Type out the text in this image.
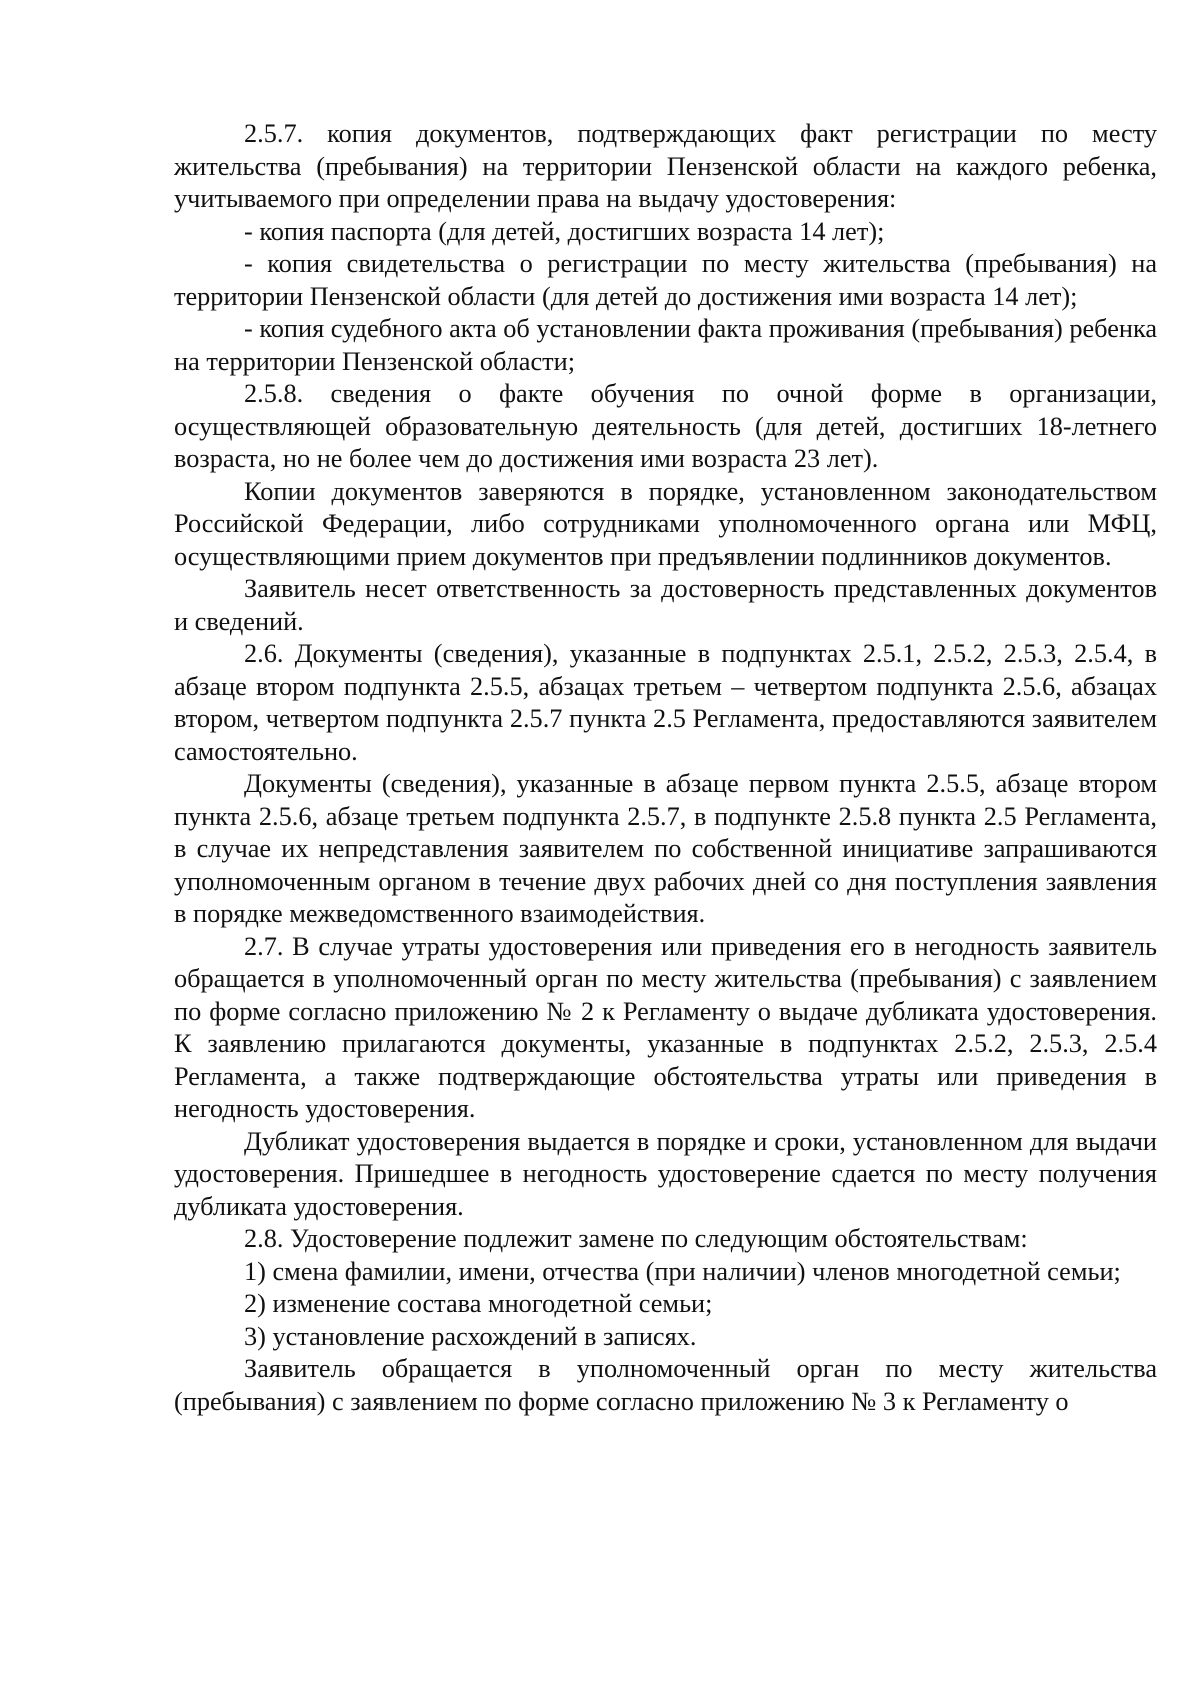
2.5.7. копия документов, подтверждающих факт регистрации по месту жительства (пребывания) на территории Пензенской области на каждого ребенка, учитываемого при определении права на выдачу удостоверения:

- копия паспорта (для детей, достигших возраста 14 лет);

- копия свидетельства о регистрации по месту жительства (пребывания) на территории Пензенской области (для детей до достижения ими возраста 14 лет);

- копия судебного акта об установлении факта проживания (пребывания) ребенка на территории Пензенской области;

2.5.8. сведения о факте обучения по очной форме в организации, осуществляющей образовательную деятельность (для детей, достигших 18-летнего возраста, но не более чем до достижения ими возраста 23 лет).

Копии документов заверяются в порядке, установленном законодательством Российской Федерации, либо сотрудниками уполномоченного органа или МФЦ, осуществляющими прием документов при предъявлении подлинников документов.

Заявитель несет ответственность за достоверность представленных документов и сведений.

2.6. Документы (сведения), указанные в подпунктах 2.5.1, 2.5.2, 2.5.3, 2.5.4, в абзаце втором подпункта 2.5.5, абзацах третьем – четвертом подпункта 2.5.6, абзацах втором, четвертом подпункта 2.5.7 пункта 2.5 Регламента, предоставляются заявителем самостоятельно.

Документы (сведения), указанные в абзаце первом пункта 2.5.5, абзаце втором пункта 2.5.6, абзаце третьем подпункта 2.5.7, в подпункте 2.5.8 пункта 2.5 Регламента, в случае их непредставления заявителем по собственной инициативе запрашиваются уполномоченным органом в течение двух рабочих дней со дня поступления заявления в порядке межведомственного взаимодействия.

2.7. В случае утраты удостоверения или приведения его в негодность заявитель обращается в уполномоченный орган по месту жительства (пребывания) с заявлением по форме согласно приложению № 2 к Регламенту о выдаче дубликата удостоверения. К заявлению прилагаются документы, указанные в подпунктах 2.5.2, 2.5.3, 2.5.4 Регламента, а также подтверждающие обстоятельства утраты или приведения в негодность удостоверения.

Дубликат удостоверения выдается в порядке и сроки, установленном для выдачи удостоверения. Пришедшее в негодность удостоверение сдается по месту получения дубликата удостоверения.

2.8. Удостоверение подлежит замене по следующим обстоятельствам:

1) смена фамилии, имени, отчества (при наличии) членов многодетной семьи;

2) изменение состава многодетной семьи;

3) установление расхождений в записях.

Заявитель обращается в уполномоченный орган по месту жительства (пребывания) с заявлением по форме согласно приложению № 3 к Регламенту о
